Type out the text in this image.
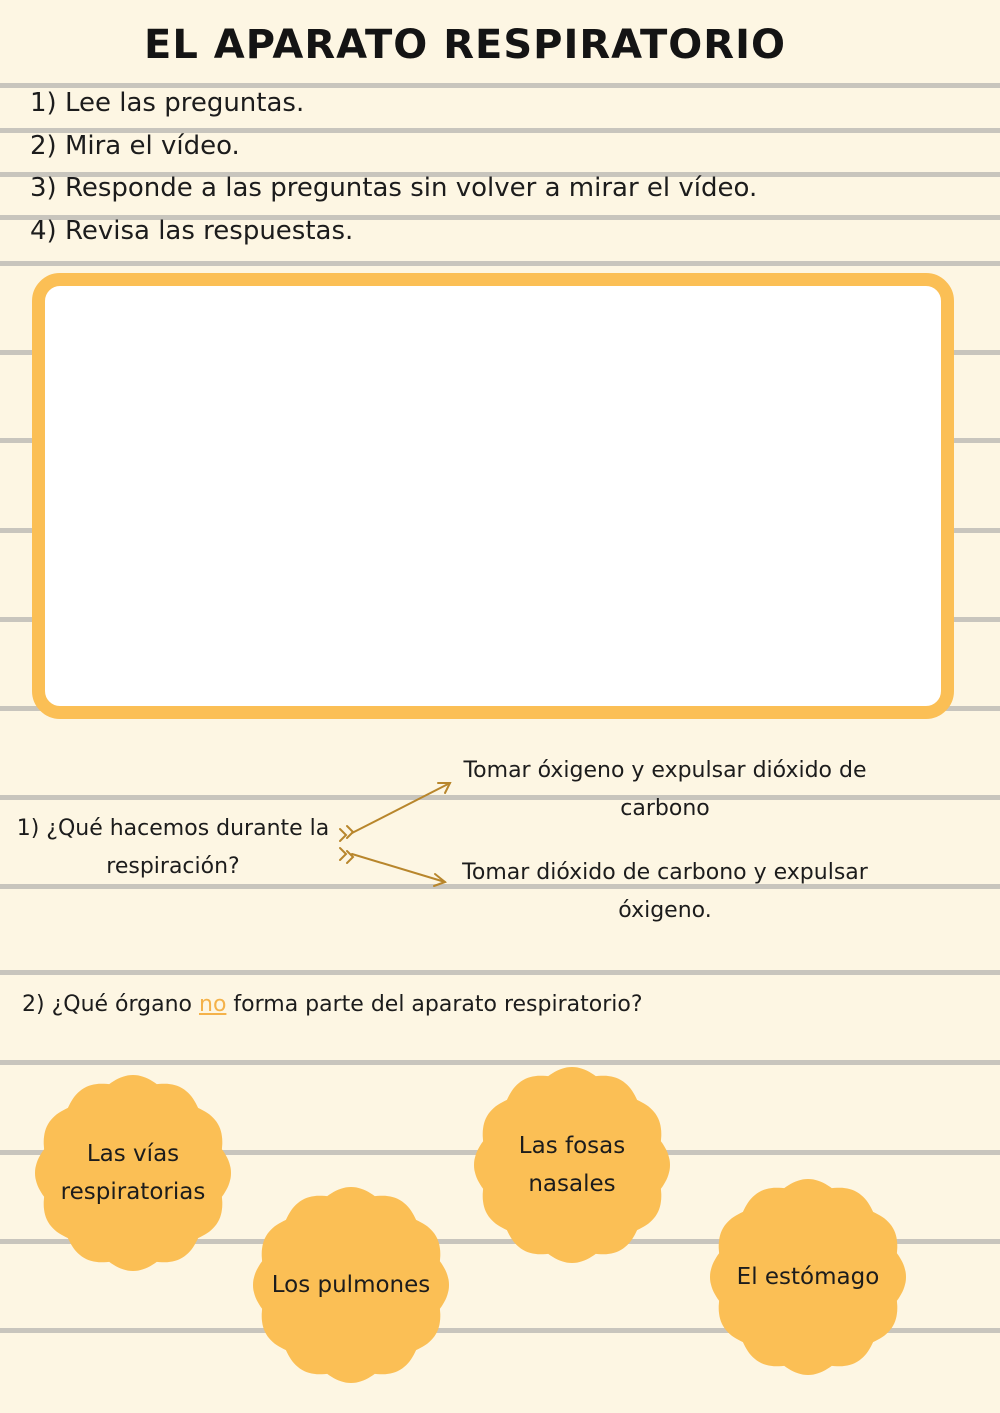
EL APARATO RESPIRATORIO
1) Lee las preguntas.
2) Mira el vídeo.
3) Responde a las preguntas sin volver a mirar el vídeo.
4) Revisa las respuestas.
1) ¿Qué hacemos durante la respiración?
Tomar óxigeno y expulsar dióxido de carbono
Tomar dióxido de carbono y expulsar óxigeno.
2) ¿Qué órgano no forma parte del aparato respiratorio?
Las vías respiratorias
Las fosas nasales
Los pulmones	El estómago
